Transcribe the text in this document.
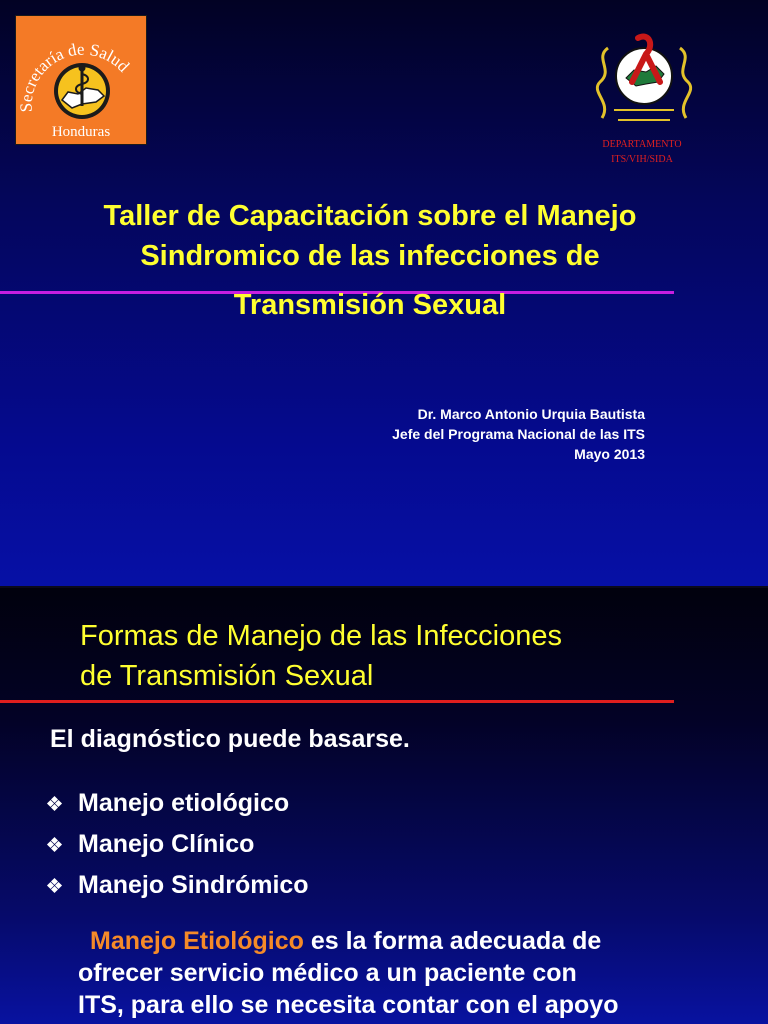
Secretaría de Salud
Honduras
DEPARTAMENTO
ITS/VIH/SIDA
Taller de Capacitación sobre el Manejo
Sindromico de las infecciones de
Transmisión Sexual
Dr. Marco Antonio Urquia Bautista
Jefe del Programa Nacional de las ITS
Mayo 2013
Formas de Manejo de las Infecciones
de Transmisión Sexual
El diagnóstico puede basarse.
Manejo etiológico
Manejo Clínico
Manejo Sindrómico
Manejo Etiológico es la forma adecuada de
ofrecer servicio médico a un paciente con
ITS, para ello se necesita contar con el apoyo
